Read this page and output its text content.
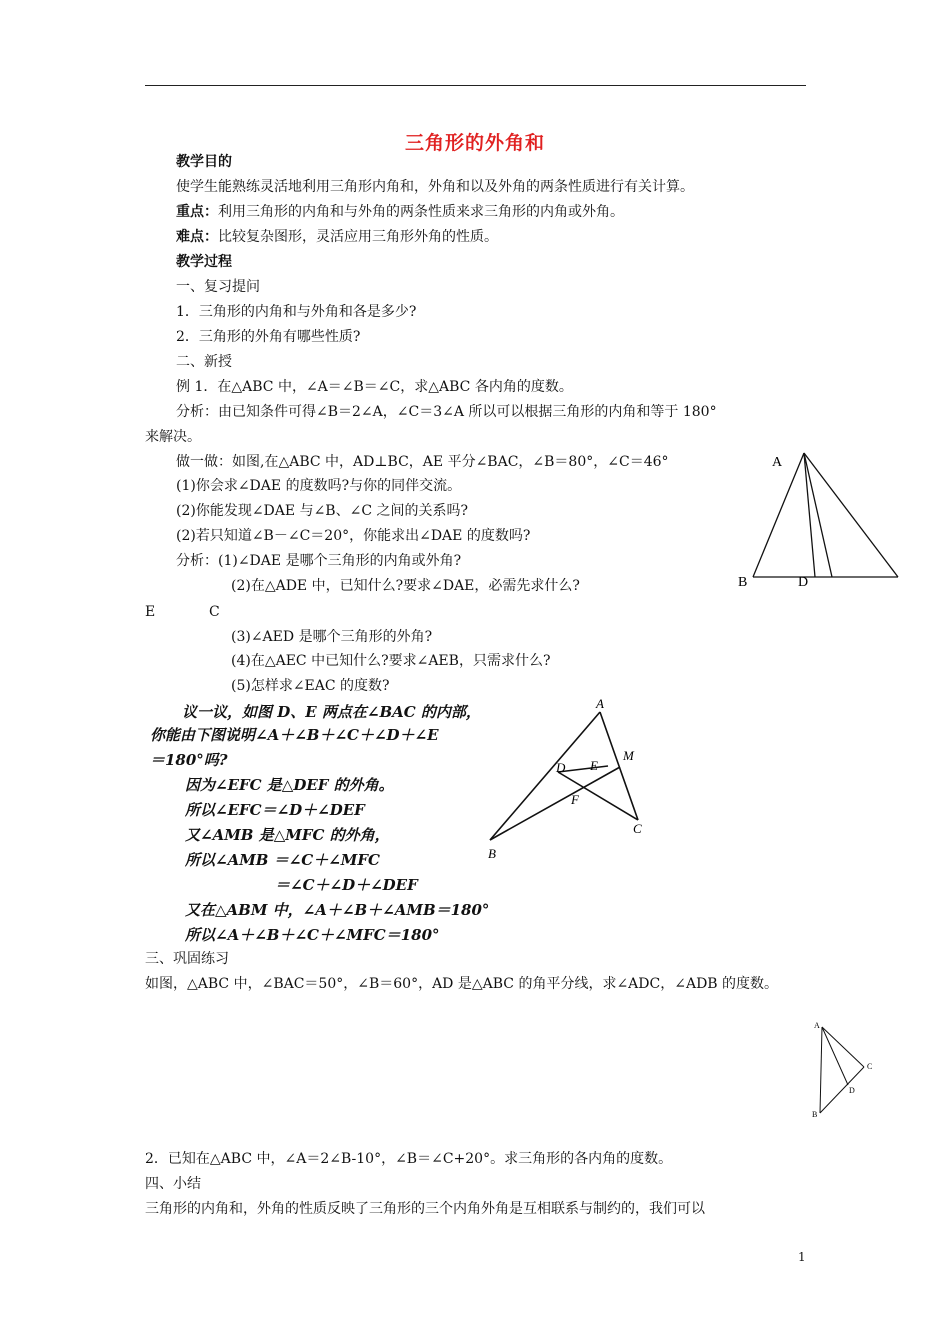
三角形的外角和
教学目的
使学生能熟练灵活地利用三角形内角和，外角和以及外角的两条性质进行有关计算。
重点：利用三角形的内角和与外角的两条性质来求三角形的内角或外角。
难点：比较复杂图形，灵活应用三角形外角的性质。
教学过程
一、复习提问
1．三角形的内角和与外角和各是多少?
2．三角形的外角有哪些性质?
二、新授
例 1．在△ABC 中，∠A＝∠B＝∠C，求△ABC 各内角的度数。
分析：由已知条件可得∠B＝2∠A，∠C＝3∠A 所以可以根据三角形的内角和等于 180°
来解决。
做一做：如图,在△ABC 中，AD⊥BC，AE 平分∠BAC，∠B＝80°，∠C＝46°
(1)你会求∠DAE 的度数吗?与你的同伴交流。
(2)你能发现∠DAE 与∠B、∠C 之间的关系吗?
(2)若只知道∠B－∠C＝20°，你能求出∠DAE 的度数吗?
分析：(1)∠DAE 是哪个三角形的内角或外角?
(2)在△ADE 中，已知什么?要求∠DAE，必需先求什么?
E	C
(3)∠AED 是哪个三角形的外角?
(4)在△AEC 中已知什么?要求∠AEB，只需求什么?
(5)怎样求∠EAC 的度数?
A
B	D
议一议，如图 D、E 两点在∠BAC 的内部，
你能由下图说明∠A＋∠B＋∠C＋∠D＋∠E
＝180°吗?
因为∠EFC 是△DEF 的外角。
所以∠EFC＝∠D＋∠DEF
又∠AMB 是△MFC 的外角，
所以∠AMB ＝∠C＋∠MFC
＝∠C＋∠D＋∠DEF
又在△ABM 中，∠A＋∠B＋∠AMB＝180°
所以∠A＋∠B＋∠C＋∠MFC＝180°
A
B
C
D E
F
M
三、巩固练习
如图，△ABC 中，∠BAC＝50°，∠B＝60°，AD 是△ABC 的角平分线，求∠ADC，∠ADB 的度数。
A
B
C
D
2．已知在△ABC 中，∠A＝2∠B-10°，∠B＝∠C+20°。求三角形的各内角的度数。
四、小结
三角形的内角和，外角的性质反映了三角形的三个内角外角是互相联系与制约的，我们可以
1
